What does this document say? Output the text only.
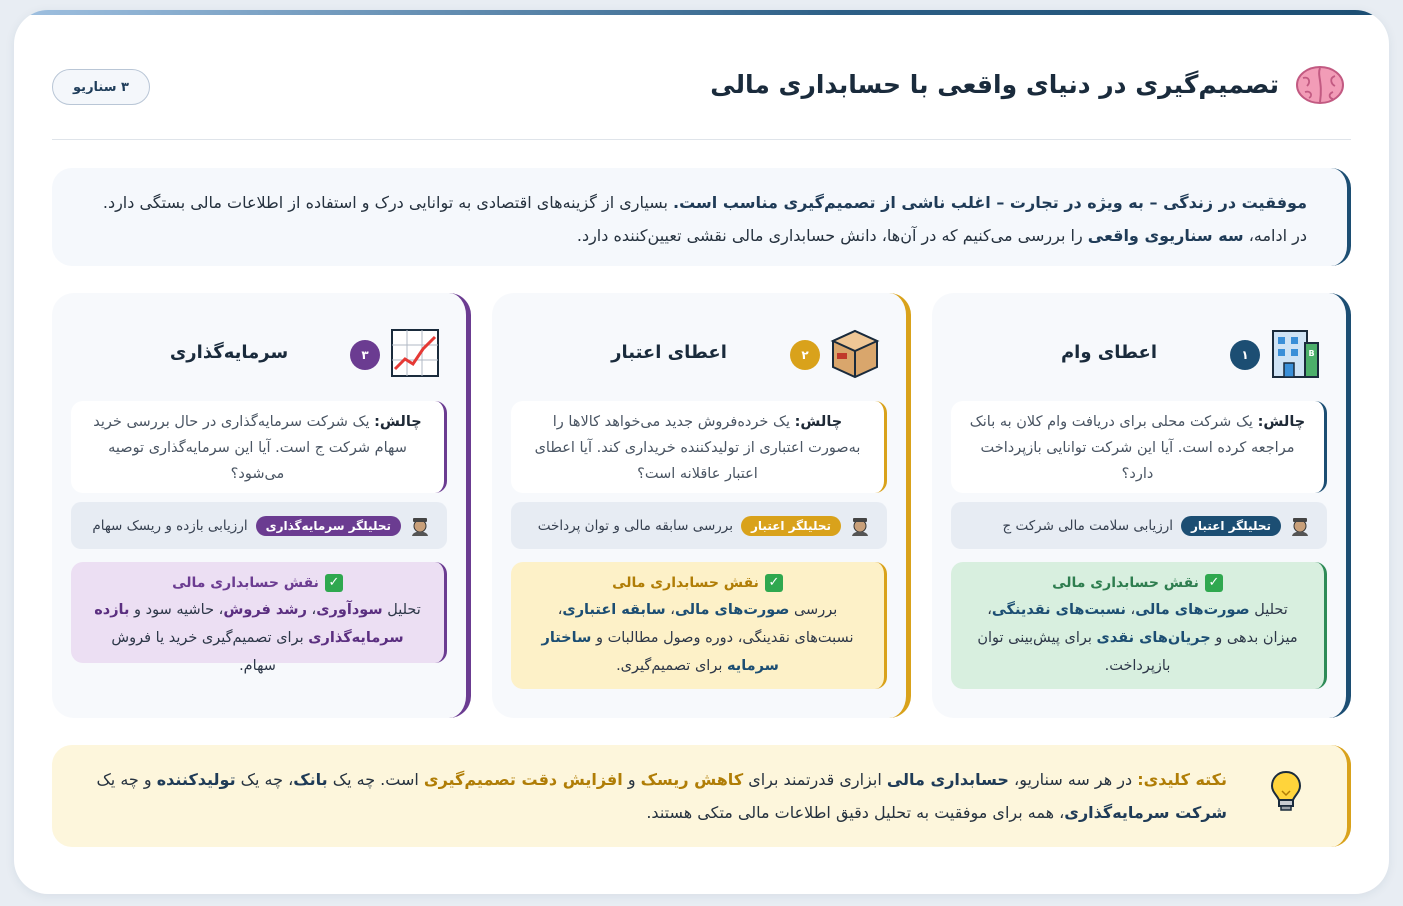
تصمیم‌گیری در دنیای واقعی با حسابداری مالی
۳ سناریو
موفقیت در زندگی – به ویژه در تجارت – اغلب ناشی از تصمیم‌گیری مناسب است. بسیاری از گزینه‌های اقتصادی به توانایی درک و استفاده از اطلاعات مالی بستگی دارد. در ادامه، سه سناریوی واقعی را بررسی می‌کنیم که در آن‌ها، دانش حسابداری مالی نقشی تعیین‌کننده دارد.
B
۱
اعطای وام
چالش: یک شرکت محلی برای دریافت وام کلان به بانک مراجعه کرده است. آیا این شرکت توانایی بازپرداخت دارد؟
تحلیلگر اعتبار
ارزیابی سلامت مالی شرکت ج
✓
نقش حسابداری مالی
تحلیل صورت‌های مالی، نسبت‌های نقدینگی، میزان بدهی و جریان‌های نقدی برای پیش‌بینی توان بازپرداخت.
۲
اعطای اعتبار
چالش: یک خرده‌فروش جدید می‌خواهد کالاها را به‌صورت اعتباری از تولیدکننده خریداری کند. آیا اعطای اعتبار عاقلانه است؟
تحلیلگر اعتبار
بررسی سابقه مالی و توان پرداخت
✓
نقش حسابداری مالی
بررسی صورت‌های مالی، سابقه اعتباری، نسبت‌های نقدینگی، دوره وصول مطالبات و ساختار سرمایه برای تصمیم‌گیری.
۳
سرمایه‌گذاری
چالش: یک شرکت سرمایه‌گذاری در حال بررسی خرید سهام شرکت ج است. آیا این سرمایه‌گذاری توصیه می‌شود؟
تحلیلگر سرمایه‌گذاری
ارزیابی بازده و ریسک سهام
✓
نقش حسابداری مالی
تحلیل سودآوری، رشد فروش، حاشیه سود و بازده سرمایه‌گذاری برای تصمیم‌گیری خرید یا فروش سهام.
نکته کلیدی: در هر سه سناریو، حسابداری مالی ابزاری قدرتمند برای کاهش ریسک و افزایش دقت تصمیم‌گیری است. چه یک بانک، چه یک تولیدکننده و چه یک شرکت سرمایه‌گذاری، همه برای موفقیت به تحلیل دقیق اطلاعات مالی متکی هستند.
